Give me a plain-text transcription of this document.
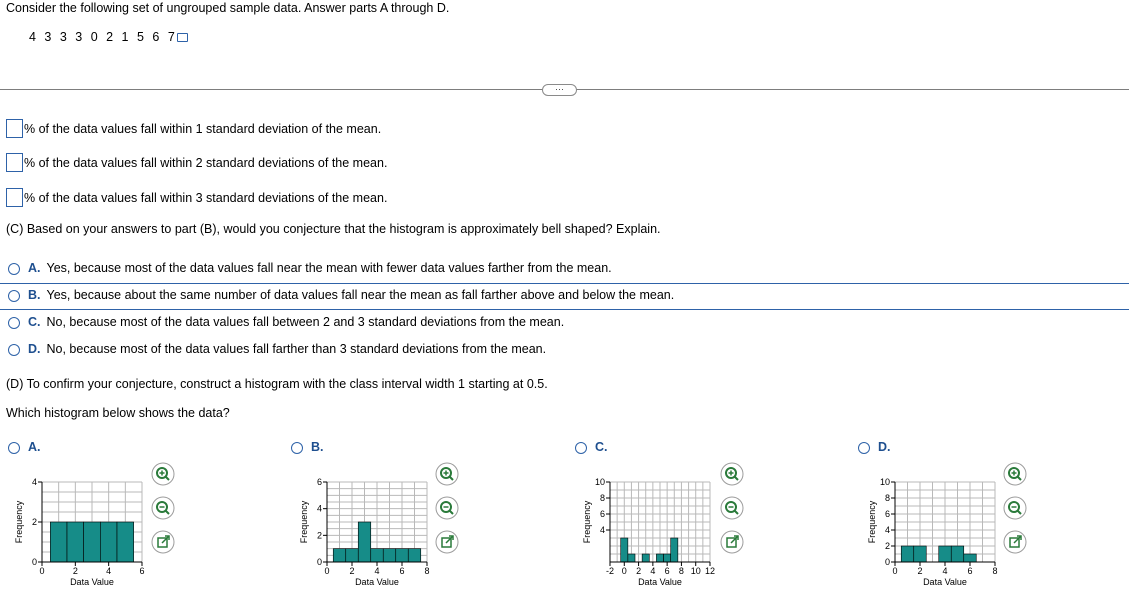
Consider the following set of ungrouped sample data. Answer parts A through D.
4 3 3 3 0 2 1 5 6 7
···
% of the data values fall within 1 standard deviation of the mean.
% of the data values fall within 2 standard deviations of the mean.
% of the data values fall within 3 standard deviations of the mean.
(C) Based on your answers to part (B), would you conjecture that the histogram is approximately bell shaped? Explain.
A. Yes, because most of the data values fall near the mean with fewer data values farther from the mean.
B. Yes, because about the same number of data values fall near the mean as fall farther above and below the mean.
C. No, because most of the data values fall between 2 and 3 standard deviations from the mean.
D. No, because most of the data values fall farther than 3 standard deviations from the mean.
(D) To confirm your conjecture, construct a histogram with the class interval width 1 starting at 0.5.
Which histogram below shows the data?
A.	B.	C.	D.
0
2
4
0	2	4	6
Data Value
Frequency
0
2
4
6
0 2 4 6 8
Data Value
Frequency	4
6
8
10
-2 0 2 4 6 8 10 12
Data Value
Frequency
0
2
4
6
8
10
0 2 4 6 8
Data Value
Frequency
